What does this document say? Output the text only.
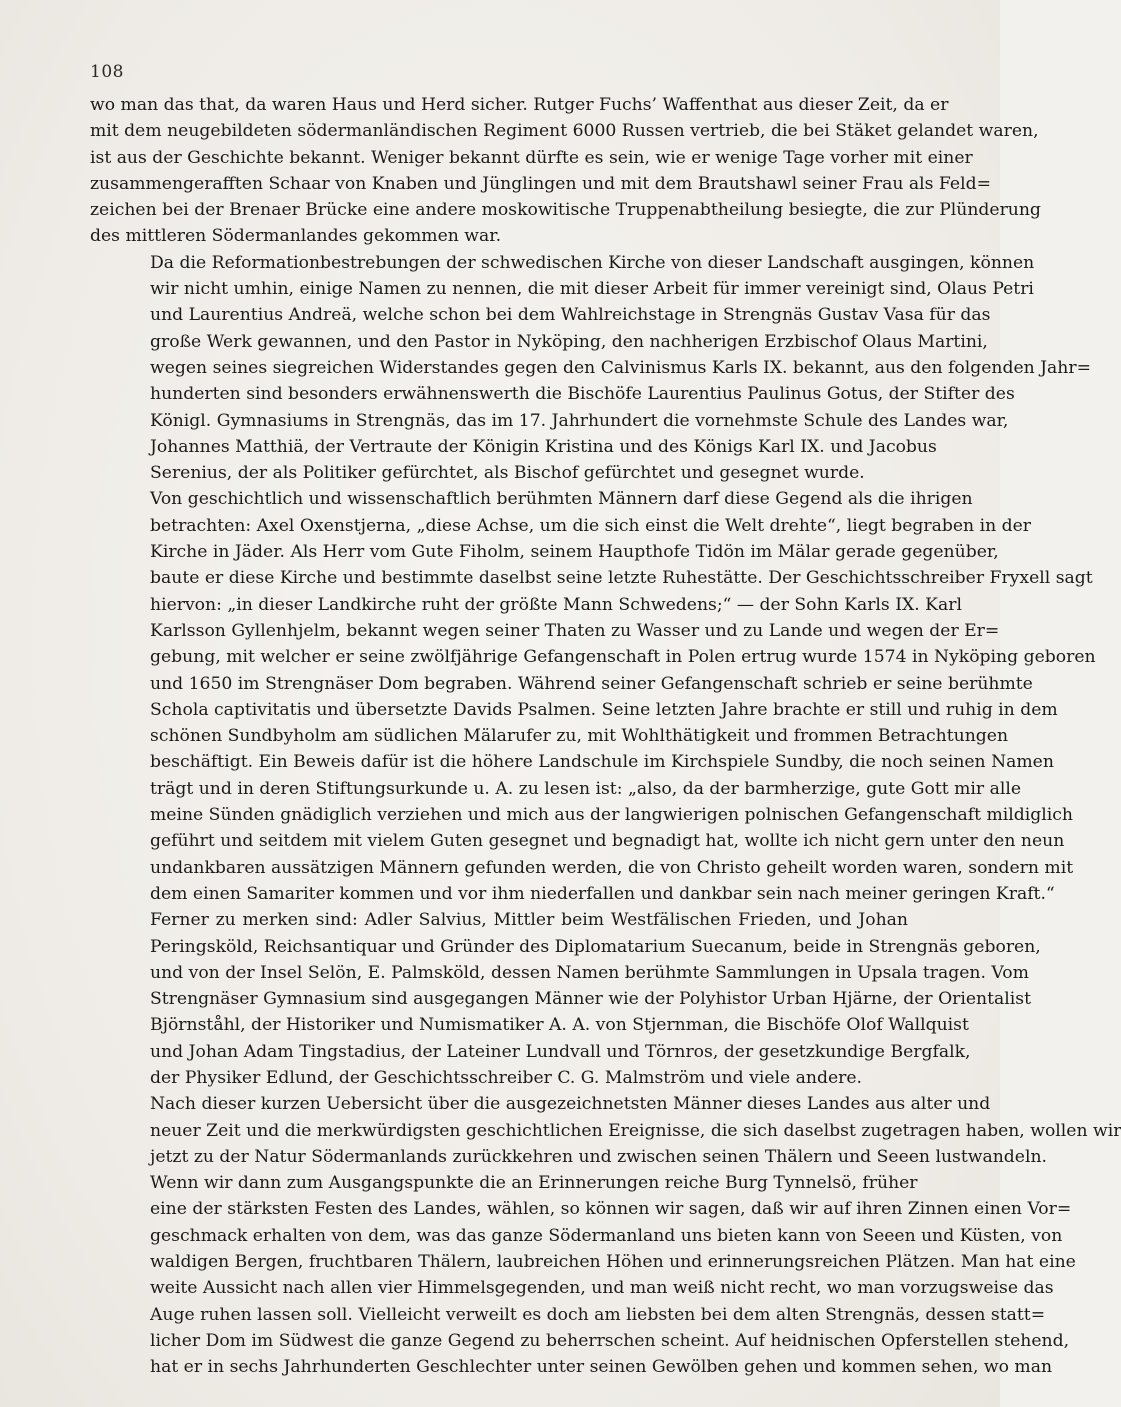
108

wo man das that, da waren Haus und Herd sicher. Rutger Fuchs’ Waffenthat aus dieser Zeit, da er
mit dem neugebildeten södermanländischen Regiment 6000 Russen vertrieb, die bei Stäket gelandet waren,
ist aus der Geschichte bekannt. Weniger bekannt dürfte es sein, wie er wenige Tage vorher mit einer
zusammengerafften Schaar von Knaben und Jünglingen und mit dem Brautshawl seiner Frau als Feld=
zeichen bei der Brenaer Brücke eine andere moskowitische Truppenabtheilung besiegte, die zur Plünderung
des mittleren Södermanlandes gekommen war.

Da die Reformationbestrebungen der schwedischen Kirche von dieser Landschaft ausgingen, können
wir nicht umhin, einige Namen zu nennen, die mit dieser Arbeit für immer vereinigt sind, Olaus Petri
und Laurentius Andreä, welche schon bei dem Wahlreichstage in Strengnäs Gustav Vasa für das
große Werk gewannen, und den Pastor in Nyköping, den nachherigen Erzbischof Olaus Martini,
wegen seines siegreichen Widerstandes gegen den Calvinismus Karls IX. bekannt, aus den folgenden Jahr=
hunderten sind besonders erwähnenswerth die Bischöfe Laurentius Paulinus Gotus, der Stifter des
Königl. Gymnasiums in Strengnäs, das im 17. Jahrhundert die vornehmste Schule des Landes war,
Johannes Matthiä, der Vertraute der Königin Kristina und des Königs Karl IX. und Jacobus
Serenius, der als Politiker gefürchtet, als Bischof gefürchtet und gesegnet wurde.

Von geschichtlich und wissenschaftlich berühmten Männern darf diese Gegend als die ihrigen
betrachten: Axel Oxenstjerna, „diese Achse, um die sich einst die Welt drehte“, liegt begraben in der
Kirche in Jäder. Als Herr vom Gute Fiholm, seinem Haupthofe Tidön im Mälar gerade gegenüber,
baute er diese Kirche und bestimmte daselbst seine letzte Ruhestätte. Der Geschichtsschreiber Fryxell sagt
hiervon: „in dieser Landkirche ruht der größte Mann Schwedens;“ — der Sohn Karls IX. Karl
Karlsson Gyllenhjelm, bekannt wegen seiner Thaten zu Wasser und zu Lande und wegen der Er=
gebung, mit welcher er seine zwölfjährige Gefangenschaft in Polen ertrug wurde 1574 in Nyköping geboren
und 1650 im Strengnäser Dom begraben. Während seiner Gefangenschaft schrieb er seine berühmte
Schola captivitatis und übersetzte Davids Psalmen. Seine letzten Jahre brachte er still und ruhig in dem
schönen Sundbyholm am südlichen Mälarufer zu, mit Wohlthätigkeit und frommen Betrachtungen
beschäftigt. Ein Beweis dafür ist die höhere Landschule im Kirchspiele Sundby, die noch seinen Namen
trägt und in deren Stiftungsurkunde u. A. zu lesen ist: „also, da der barmherzige, gute Gott mir alle
meine Sünden gnädiglich verziehen und mich aus der langwierigen polnischen Gefangenschaft mildiglich
geführt und seitdem mit vielem Guten gesegnet und begnadigt hat, wollte ich nicht gern unter den neun
undankbaren aussätzigen Männern gefunden werden, die von Christo geheilt worden waren, sondern mit
dem einen Samariter kommen und vor ihm niederfallen und dankbar sein nach meiner geringen Kraft.“

Ferner zu merken sind: Adler Salvius, Mittler beim Westfälischen Frieden, und Johan
Peringsköld, Reichsantiquar und Gründer des Diplomatarium Suecanum, beide in Strengnäs geboren,
und von der Insel Selön, E. Palmsköld, dessen Namen berühmte Sammlungen in Upsala tragen. Vom
Strengnäser Gymnasium sind ausgegangen Männer wie der Polyhistor Urban Hjärne, der Orientalist
Björnståhl, der Historiker und Numismatiker A. A. von Stjernman, die Bischöfe Olof Wallquist
und Johan Adam Tingstadius, der Lateiner Lundvall und Törnros, der gesetzkundige Bergfalk,
der Physiker Edlund, der Geschichtsschreiber C. G. Malmström und viele andere.

Nach dieser kurzen Uebersicht über die ausgezeichnetsten Männer dieses Landes aus alter und
neuer Zeit und die merkwürdigsten geschichtlichen Ereignisse, die sich daselbst zugetragen haben, wollen wir
jetzt zu der Natur Södermanlands zurückkehren und zwischen seinen Thälern und Seeen lustwandeln.

Wenn wir dann zum Ausgangspunkte die an Erinnerungen reiche Burg Tynnelsö, früher
eine der stärksten Festen des Landes, wählen, so können wir sagen, daß wir auf ihren Zinnen einen Vor=
geschmack erhalten von dem, was das ganze Södermanland uns bieten kann von Seeen und Küsten, von
waldigen Bergen, fruchtbaren Thälern, laubreichen Höhen und erinnerungsreichen Plätzen. Man hat eine
weite Aussicht nach allen vier Himmelsgegenden, und man weiß nicht recht, wo man vorzugsweise das
Auge ruhen lassen soll. Vielleicht verweilt es doch am liebsten bei dem alten Strengnäs, dessen statt=
licher Dom im Südwest die ganze Gegend zu beherrschen scheint. Auf heidnischen Opferstellen stehend,
hat er in sechs Jahrhunderten Geschlechter unter seinen Gewölben gehen und kommen sehen, wo man
